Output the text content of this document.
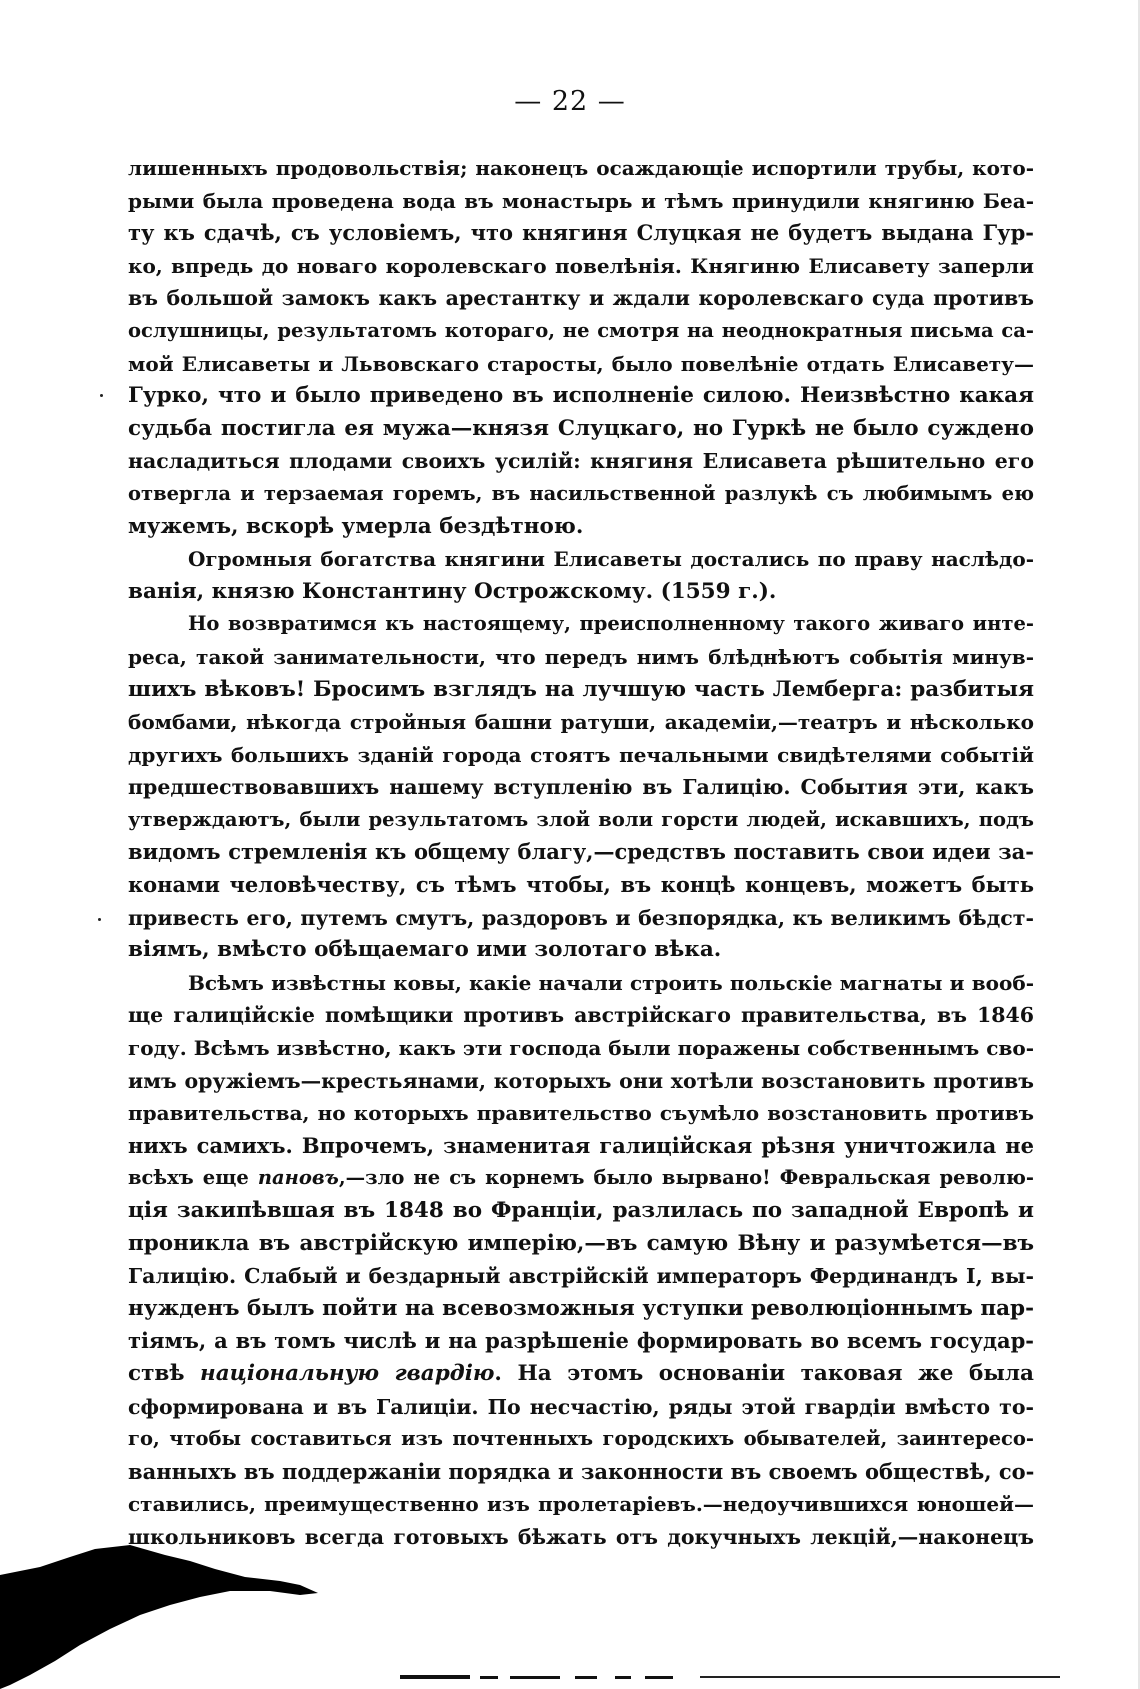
— 22 —
лишенныхъ продовольствія; наконецъ осаждающіе испортили трубы, кото-
рыми была проведена вода въ монастырь и тѣмъ принудили княгиню Беа-
ту къ сдачѣ, съ условіемъ, что княгиня Слуцкая не будетъ выдана Гур-
ко, впредь до новаго королевскаго повелѣнія. Княгиню Елисавету заперли
въ большой замокъ какъ арестантку и ждали королевскаго суда противъ
ослушницы, результатомъ котораго, не смотря на неоднократныя письма са-
мой Елисаветы и Львовскаго старосты, было повелѣніе отдать Елисавету—
Гурко, что и было приведено въ исполненіе силою. Неизвѣстно какая
судьба постигла ея мужа—князя Слуцкаго, но Гуркѣ не было суждено
насладиться плодами своихъ усилій: княгиня Елисавета рѣшительно его
отвергла и терзаемая горемъ, въ насильственной разлукѣ съ любимымъ ею
мужемъ, вскорѣ умерла бездѣтною.
Огромныя богатства княгини Елисаветы достались по праву наслѣдо-
ванія, князю Константину Острожскому. (1559 г.).
Но возвратимся къ настоящему, преисполненному такого живаго инте-
реса, такой занимательности, что передъ нимъ блѣднѣютъ событія минув-
шихъ вѣковъ! Бросимъ взглядъ на лучшую часть Лемберга: разбитыя
бомбами, нѣкогда стройныя башни ратуши, академіи,—театръ и нѣсколько
другихъ большихъ зданій города стоятъ печальными свидѣтелями событій
предшествовавшихъ нашему вступленію въ Галицію. События эти, какъ
утверждаютъ, были результатомъ злой воли горсти людей, искавшихъ, подъ
видомъ стремленія къ общему благу,—средствъ поставить свои идеи за-
конами человѣчеству, съ тѣмъ чтобы, въ концѣ концевъ, можетъ быть
привесть его, путемъ смутъ, раздоровъ и безпорядка, къ великимъ бѣдст-
віямъ, вмѣсто обѣщаемаго ими золотаго вѣка.
Всѣмъ извѣстны ковы, какіе начали строить польскіе магнаты и вооб-
ще галиційскіе помѣщики противъ австрійскаго правительства, въ 1846
году. Всѣмъ извѣстно, какъ эти господа были поражены собственнымъ сво-
имъ оружіемъ—крестьянами, которыхъ они хотѣли возстановить противъ
правительства, но которыхъ правительство съумѣло возстановить противъ
нихъ самихъ. Впрочемъ, знаменитая галиційская рѣзня уничтожила не
всѣхъ еще пановъ,—зло не съ корнемъ было вырвано! Февральская револю-
ція закипѣвшая въ 1848 во Франціи, разлилась по западной Европѣ и
проникла въ австрійскую имперію,—въ самую Вѣну и разумѣется—въ
Галицію. Слабый и бездарный австрійскій императоръ Фердинандъ I, вы-
нужденъ былъ пойти на всевозможныя уступки революціоннымъ пар-
тіямъ, а въ томъ числѣ и на разрѣшеніе формировать во всемъ государ-
ствѣ національную гвардію. На этомъ основаніи таковая же была
сформирована и въ Галиціи. По несчастію, ряды этой гвардіи вмѣсто то-
го, чтобы составиться изъ почтенныхъ городскихъ обывателей, заинтересо-
ванныхъ въ поддержаніи порядка и законности въ своемъ обществѣ, со-
ставились, преимущественно изъ пролетаріевъ.—недоучившихся юношей—
школьниковъ всегда готовыхъ бѣжать отъ докучныхъ лекцій,—наконецъ
